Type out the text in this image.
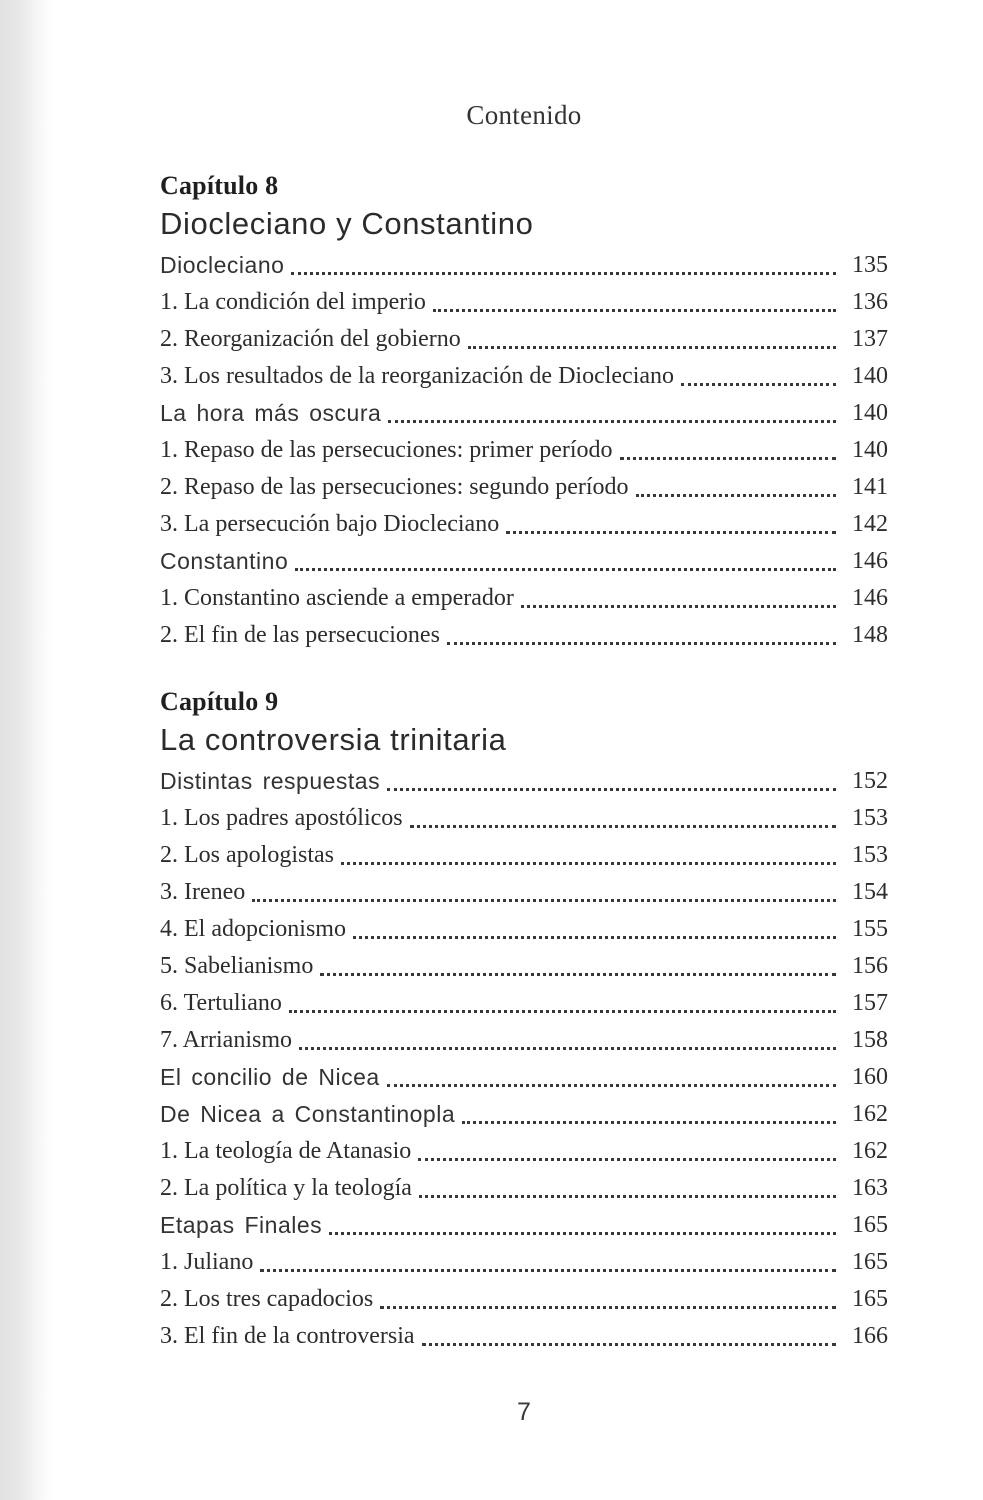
Contenido
Capítulo 8
Diocleciano y Constantino
Diocleciano	135
1. La condición del imperio	136
2. Reorganización del gobierno	137
3. Los resultados de la reorganización de Diocleciano	140
La hora más oscura	140
1. Repaso de las persecuciones: primer período	140
2. Repaso de las persecuciones: segundo período	141
3. La persecución bajo Diocleciano	142
Constantino	146
1. Constantino asciende a emperador	146
2. El fin de las persecuciones	148
Capítulo 9
La controversia trinitaria
Distintas respuestas	152
1. Los padres apostólicos	153
2. Los apologistas	153
3. Ireneo	154
4. El adopcionismo	155
5. Sabelianismo	156
6. Tertuliano	157
7. Arrianismo	158
El concilio de Nicea	160
De Nicea a Constantinopla	162
1. La teología de Atanasio	162
2. La política y la teología	163
Etapas Finales	165
1. Juliano	165
2. Los tres capadocios	165
3. El fin de la controversia	166
7
